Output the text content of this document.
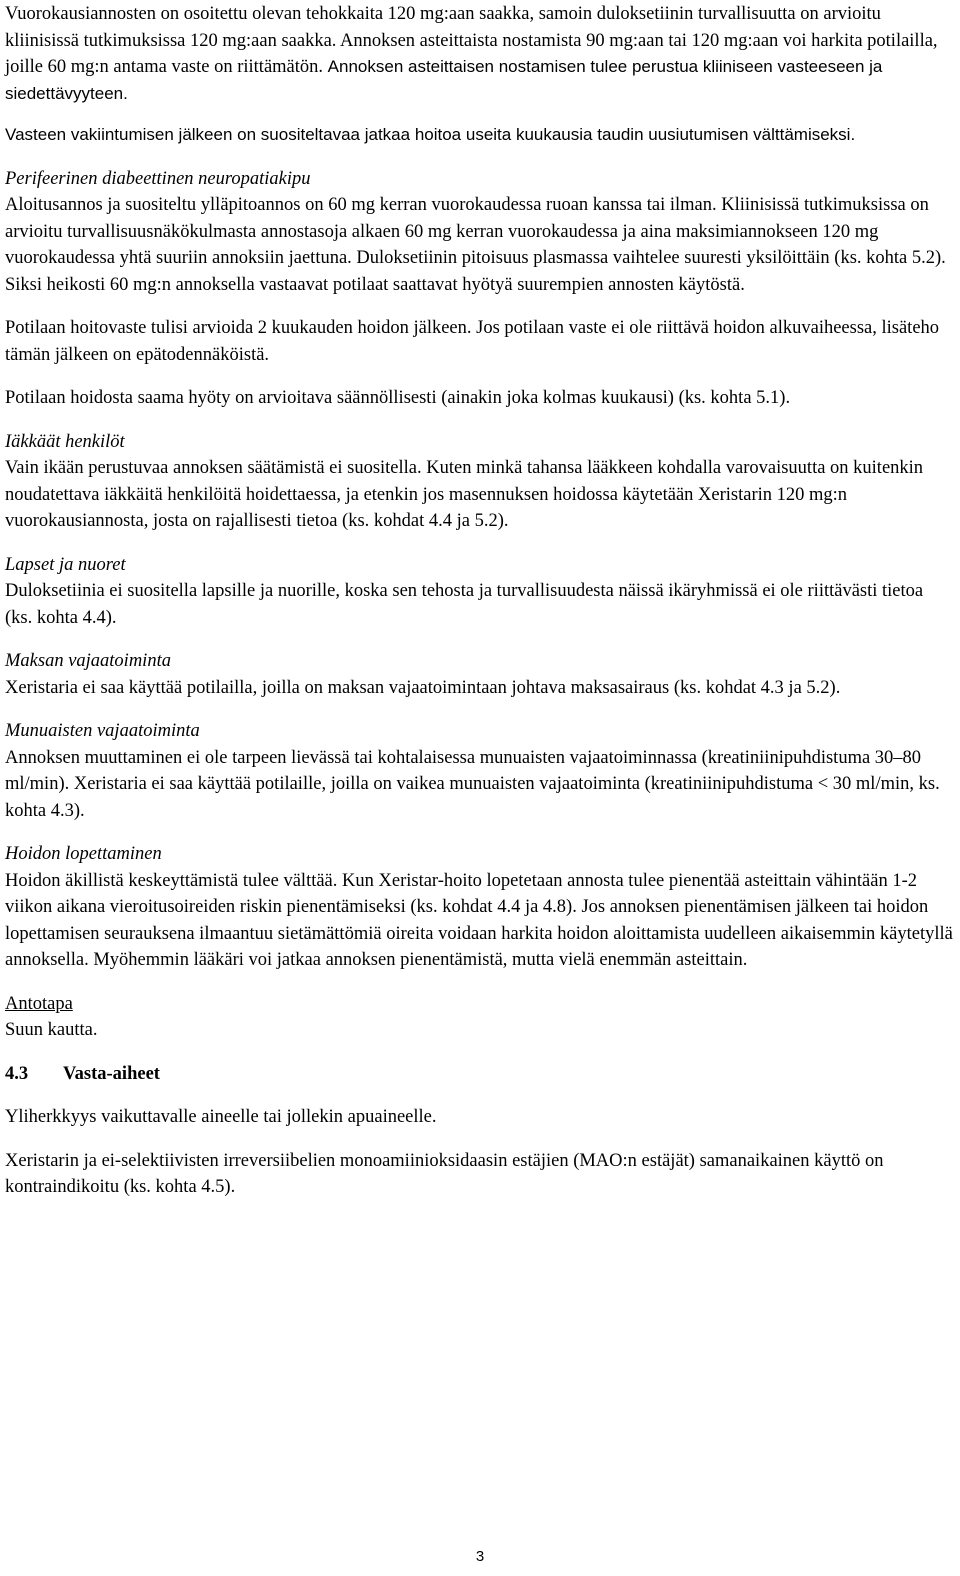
Vuorokausiannosten on osoitettu olevan tehokkaita 120 mg:aan saakka, samoin duloksetiinin turvallisuutta on arvioitu kliinisissä tutkimuksissa 120 mg:aan saakka. Annoksen asteittaista nostamista 90 mg:aan tai 120 mg:aan voi harkita potilailla, joille 60 mg:n antama vaste on riittämätön. Annoksen asteittaisen nostamisen tulee perustua kliiniseen vasteeseen ja siedettävyyteen.

Vasteen vakiintumisen jälkeen on suositeltavaa jatkaa hoitoa useita kuukausia taudin uusiutumisen välttämiseksi.

Perifeerinen diabeettinen neuropatiakipu
Aloitusannos ja suositeltu ylläpitoannos on 60 mg kerran vuorokaudessa ruoan kanssa tai ilman. Kliinisissä tutkimuksissa on arvioitu turvallisuusnäkökulmasta annostasoja alkaen 60 mg kerran vuorokaudessa ja aina maksimiannokseen 120 mg vuorokaudessa yhtä suuriin annoksiin jaettuna. Duloksetiinin pitoisuus plasmassa vaihtelee suuresti yksilöittäin (ks. kohta 5.2). Siksi heikosti 60 mg:n annoksella vastaavat potilaat saattavat hyötyä suurempien annosten käytöstä.

Potilaan hoitovaste tulisi arvioida 2 kuukauden hoidon jälkeen. Jos potilaan vaste ei ole riittävä hoidon alkuvaiheessa, lisäteho tämän jälkeen on epätodennäköistä.

Potilaan hoidosta saama hyöty on arvioitava säännöllisesti (ainakin joka kolmas kuukausi) (ks. kohta 5.1).

Iäkkäät henkilöt
Vain ikään perustuvaa annoksen säätämistä ei suositella. Kuten minkä tahansa lääkkeen kohdalla varovaisuutta on kuitenkin noudatettava iäkkäitä henkilöitä hoidettaessa, ja etenkin jos masennuksen hoidossa käytetään Xeristarin 120 mg:n vuorokausiannosta, josta on rajallisesti tietoa (ks. kohdat 4.4 ja 5.2).

Lapset ja nuoret
Duloksetiinia ei suositella lapsille ja nuorille, koska sen tehosta ja turvallisuudesta näissä ikäryhmissä ei ole riittävästi tietoa (ks. kohta 4.4).

Maksan vajaatoiminta
Xeristaria ei saa käyttää potilailla, joilla on maksan vajaatoimintaan johtava maksasairaus (ks. kohdat 4.3 ja 5.2).

Munuaisten vajaatoiminta
Annoksen muuttaminen ei ole tarpeen lievässä tai kohtalaisessa munuaisten vajaatoiminnassa (kreatiniinipuhdistuma 30–80 ml/min). Xeristaria ei saa käyttää potilaille, joilla on vaikea munuaisten vajaatoiminta (kreatiniinipuhdistuma < 30 ml/min, ks. kohta 4.3).

Hoidon lopettaminen
Hoidon äkillistä keskeyttämistä tulee välttää. Kun Xeristar-hoito lopetetaan annosta tulee pienentää asteittain vähintään 1-2 viikon aikana vieroitusoireiden riskin pienentämiseksi (ks. kohdat 4.4 ja 4.8). Jos annoksen pienentämisen jälkeen tai hoidon lopettamisen seurauksena ilmaantuu sietämättömiä oireita voidaan harkita hoidon aloittamista uudelleen aikaisemmin käytetyllä annoksella. Myöhemmin lääkäri voi jatkaa annoksen pienentämistä, mutta vielä enemmän asteittain.

Antotapa
Suun kautta.

4.3 Vasta-aiheet

Yliherkkyys vaikuttavalle aineelle tai jollekin apuaineelle.

Xeristarin ja ei-selektiivisten irreversiibelien monoamiinioksidaasin estäjien (MAO:n estäjät) samanaikainen käyttö on kontraindikoitu (ks. kohta 4.5).

3
